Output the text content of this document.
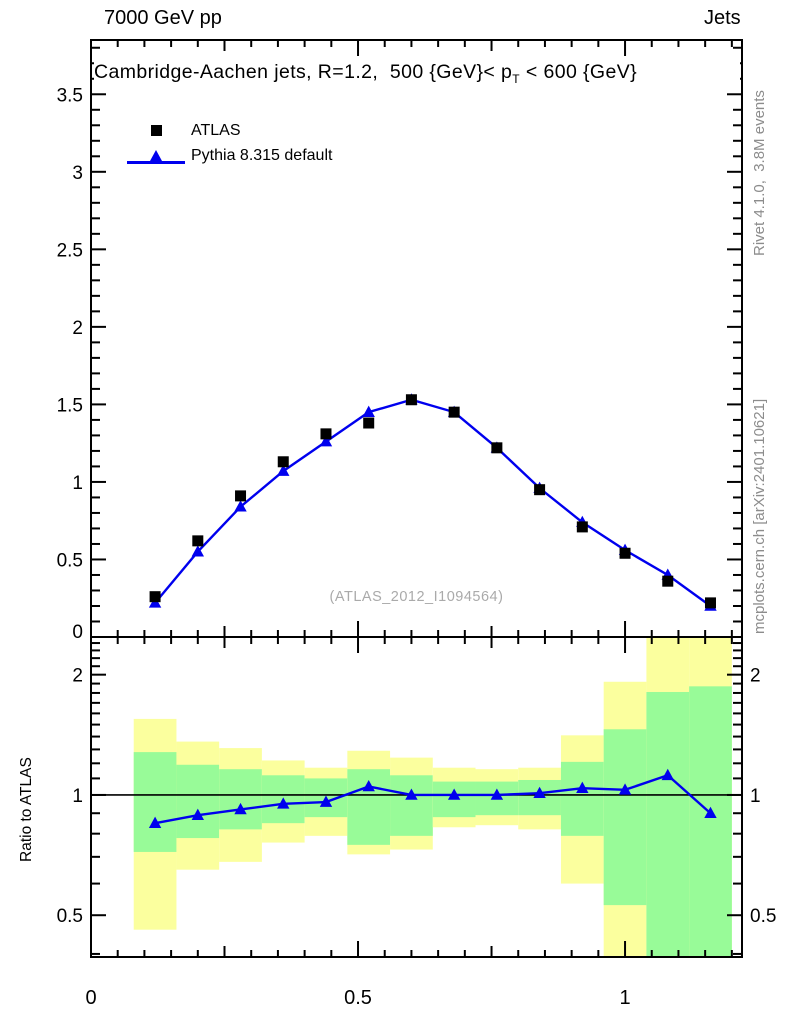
0	0.5	1
0
0.5
1
1.5
2
2.5
3
3.5
0.5	0.5
1	1
2	2
7000 GeV pp	Jets
Cambridge-Aachen jets, R=1.2,  500 $\{GeV\}< p_T < 600$ {GeV}
ATLAS
Pythia 8.315 default
(ATLAS_2012_I1094564)
Rivet 4.1.0,  3.8M events
mcplots.cern.ch [arXiv:2401.10621]
Ratio to ATLAS
